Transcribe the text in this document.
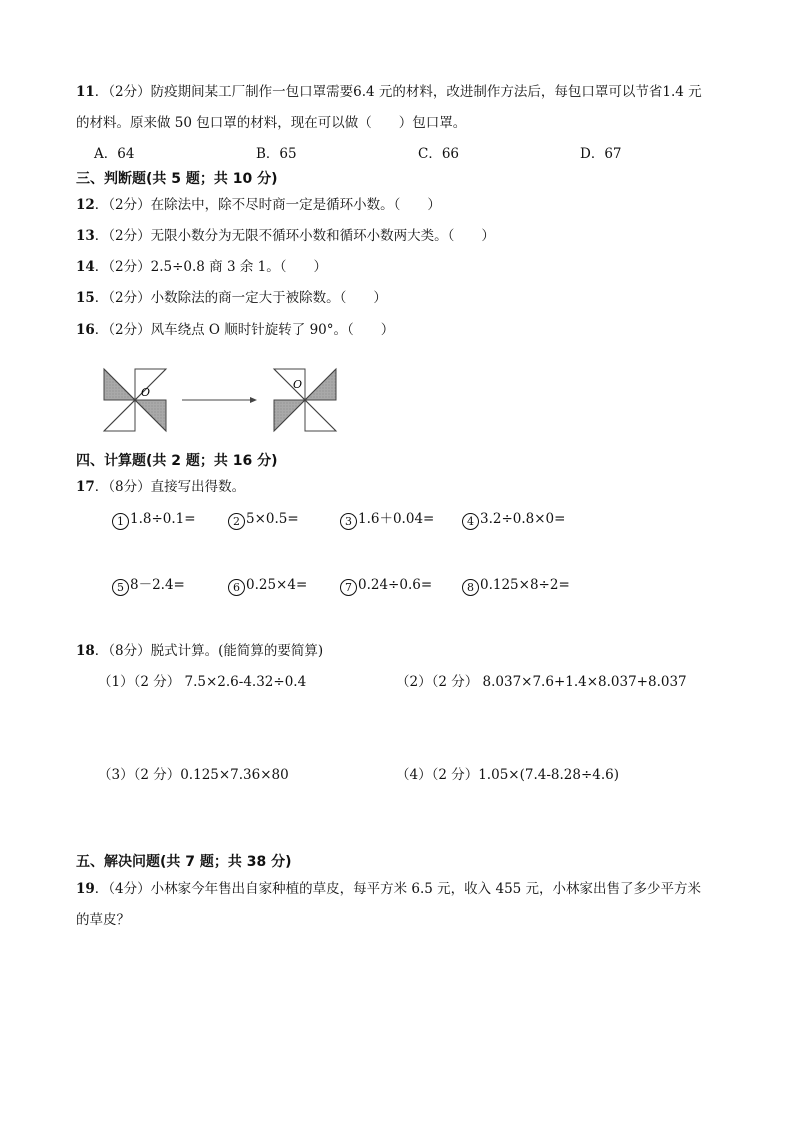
11．（2分）防疫期间某工厂制作一包口罩需要6.4 元的材料，改进制作方法后，每包口罩可以节省1.4 元
的材料。原来做 50 包口罩的材料，现在可以做（　　）包口罩。
A．64	B．65	C．66	D．67
三、判断题(共 5 题；共 10 分)
12．（2分）在除法中，除不尽时商一定是循环小数。（　　）
13．（2分）无限小数分为无限不循环小数和循环小数两大类。（　　）
14．（2分）2.5÷0.8 商 3 余 1。（　　）
15．（2分）小数除法的商一定大于被除数。（　　）
16．（2分）风车绕点 O 顺时针旋转了 90°。（　　）
O
O
四、计算题(共 2 题；共 16 分)
17．（8分）直接写出得数。
1 1.8÷0.1=	2 5×0.5=	3 1.6＋0.04=	4 3.2÷0.8×0=
5 8－2.4=	6 0.25×4=	7 0.24÷0.6=	8 0.125×8÷2=
18．（8分）脱式计算。(能简算的要简算)
（1）（2 分） 7.5×2.6-4.32÷0.4	（2）（2 分） 8.037×7.6+1.4×8.037+8.037
（3）（2 分）0.125×7.36×80	（4）（2 分）1.05×(7.4-8.28÷4.6)
五、解决问题(共 7 题；共 38 分)
19．（4分）小林家今年售出自家种植的草皮，每平方米 6.5 元，收入 455 元，小林家出售了多少平方米
的草皮？
